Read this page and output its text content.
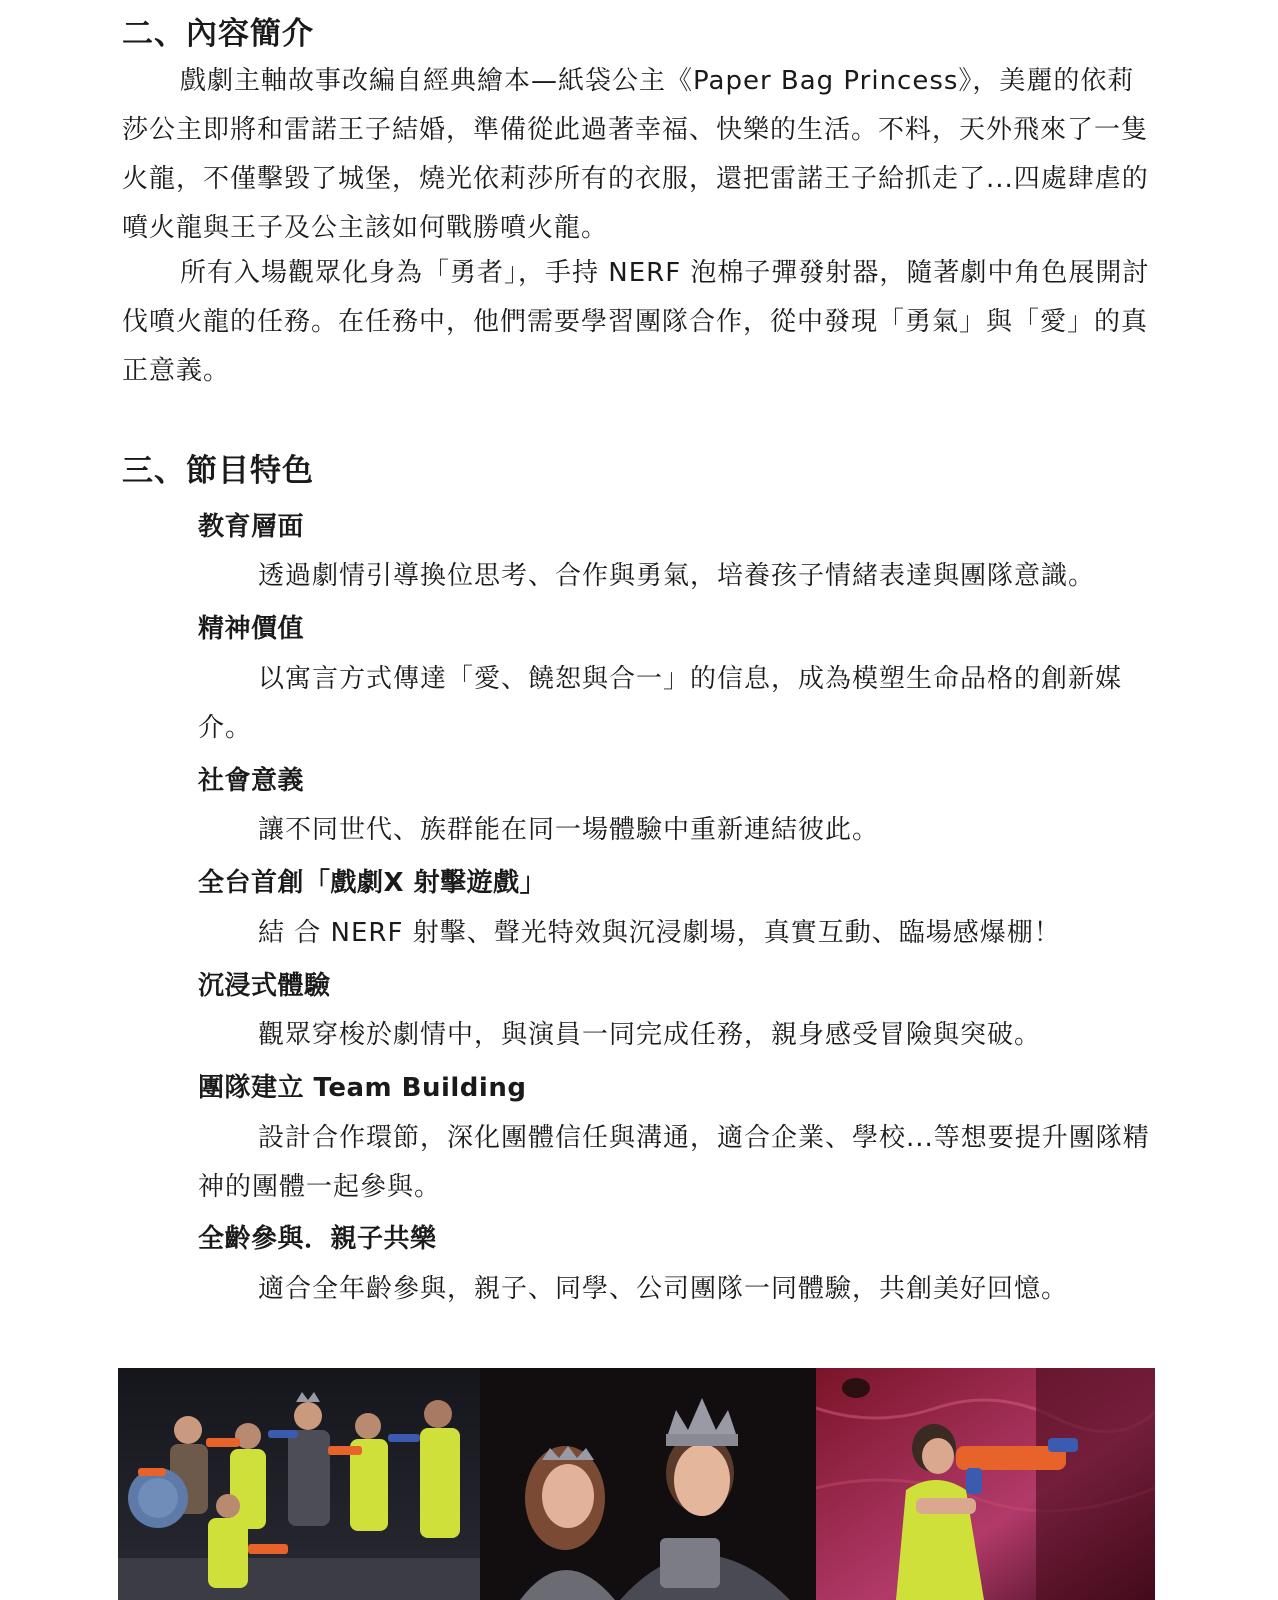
二、內容簡介

戲劇主軸故事改編自經典繪本—紙袋公主《Paper Bag Princess》，美麗的依莉莎公主即將和雷諾王子結婚，準備從此過著幸福、快樂的生活。不料，天外飛來了一隻火龍，不僅擊毀了城堡，燒光依莉莎所有的衣服，還把雷諾王子給抓走了...四處肆虐的噴火龍與王子及公主該如何戰勝噴火龍。

所有入場觀眾化身為「勇者」，手持 NERF 泡棉子彈發射器，隨著劇中角色展開討伐噴火龍的任務。在任務中，他們需要學習團隊合作，從中發現「勇氣」與「愛」的真正意義。

三、節目特色
教育層面

透過劇情引導換位思考、合作與勇氣，培養孩子情緒表達與團隊意識。

精神價值

以寓言方式傳達「愛、饒恕與合一」的信息，成為模塑生命品格的創新媒介。

社會意義

讓不同世代、族群能在同一場體驗中重新連結彼此。

全台首創「戲劇X 射擊遊戲」

結 合 NERF 射擊、聲光特效與沉浸劇場，真實互動、臨場感爆棚！

沉浸式體驗

觀眾穿梭於劇情中，與演員一同完成任務，親身感受冒險與突破。

團隊建立 Team Building

設計合作環節，深化團體信任與溝通，適合企業、學校...等想要提升團隊精神的團體一起參與。

全齡參與．親子共樂

適合全年齡參與，親子、同學、公司團隊一同體驗，共創美好回憶。
